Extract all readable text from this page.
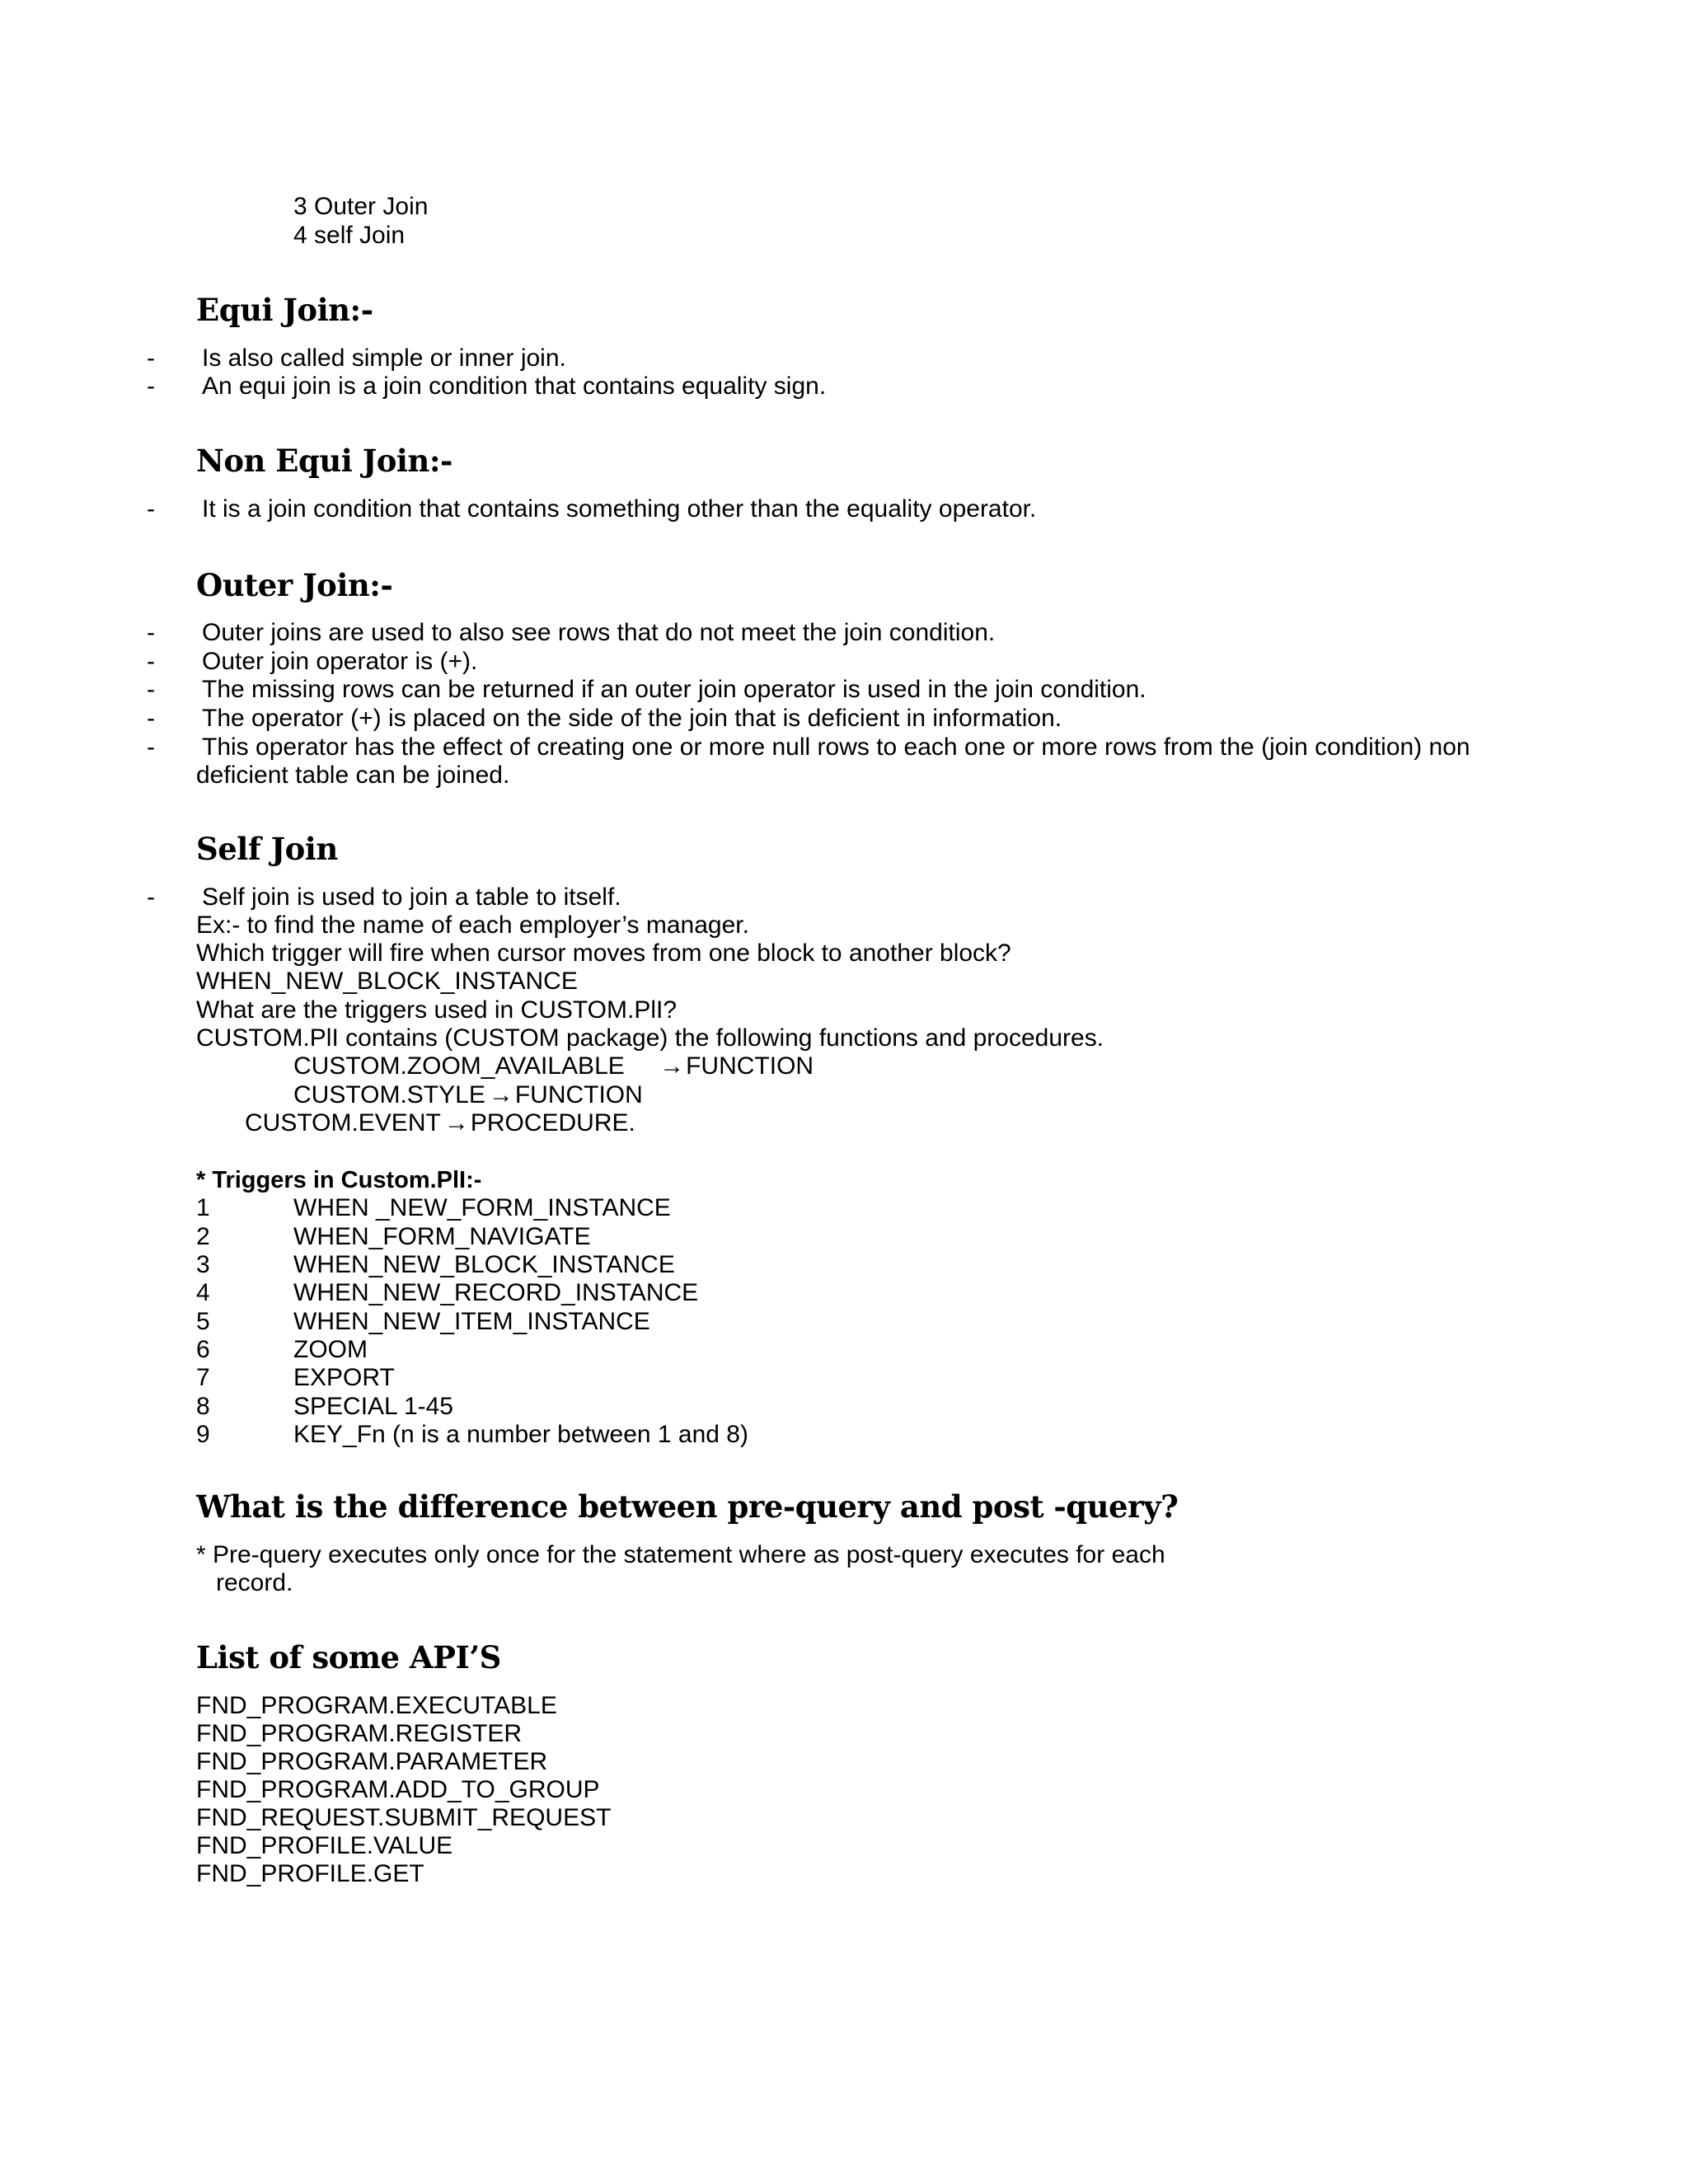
3 Outer Join
4 self Join
Equi Join:-
- Is also called simple or inner join.
- An equi join is a join condition that contains equality sign.
Non Equi Join:-
- It is a join condition that contains something other than the equality operator.
Outer Join:-
- Outer joins are used to also see rows that do not meet the join condition.
- Outer join operator is (+).
- The missing rows can be returned if an outer join operator is used in the join condition.
- The operator (+) is placed on the side of the join that is deficient in information.
- This operator has the effect of creating one or more null rows to each one or more rows from the (join condition) non
deficient table can be joined.
Self Join
- Self join is used to join a table to itself.
Ex:- to find the name of each employer’s manager.
Which trigger will fire when cursor moves from one block to another block?
WHEN_NEW_BLOCK_INSTANCE
What are the triggers used in CUSTOM.PlI?
CUSTOM.PlI contains (CUSTOM package) the following functions and procedures.
CUSTOM.ZOOM_AVAILABLE →FUNCTION
CUSTOM.STYLE →FUNCTION
CUSTOM.EVENT →PROCEDURE.
* Triggers in Custom.PlI:-
1	WHEN _NEW_FORM_INSTANCE
2	WHEN_FORM_NAVIGATE
3	WHEN_NEW_BLOCK_INSTANCE
4	WHEN_NEW_RECORD_INSTANCE
5	WHEN_NEW_ITEM_INSTANCE
6	ZOOM
7	EXPORT
8	SPECIAL 1-45
9	KEY_Fn (n is a number between 1 and 8)
What is the difference between pre-query and post -query?
* Pre-query executes only once for the statement where as post-query executes for each
record.
List of some API’S
FND_PROGRAM.EXECUTABLE
FND_PROGRAM.REGISTER
FND_PROGRAM.PARAMETER
FND_PROGRAM.ADD_TO_GROUP
FND_REQUEST.SUBMIT_REQUEST
FND_PROFILE.VALUE
FND_PROFILE.GET
